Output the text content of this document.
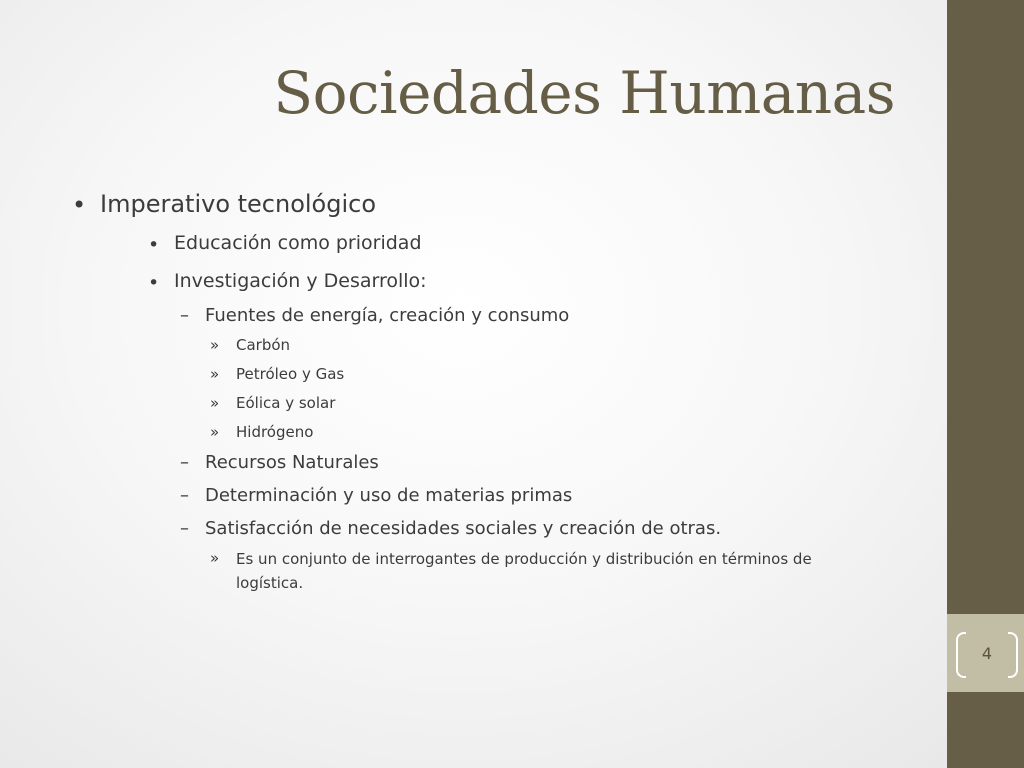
4
Sociedades Humanas
• Imperativo tecnológico
• Educación como prioridad
• Investigación y Desarrollo:
– Fuentes de energía, creación y consumo
» Carbón
» Petróleo y Gas
» Eólica y solar
» Hidrógeno
– Recursos Naturales
– Determinación y uso de materias primas
– Satisfacción de necesidades sociales y creación de otras.
» Es un conjunto de interrogantes de producción y distribución en términos de logística.
